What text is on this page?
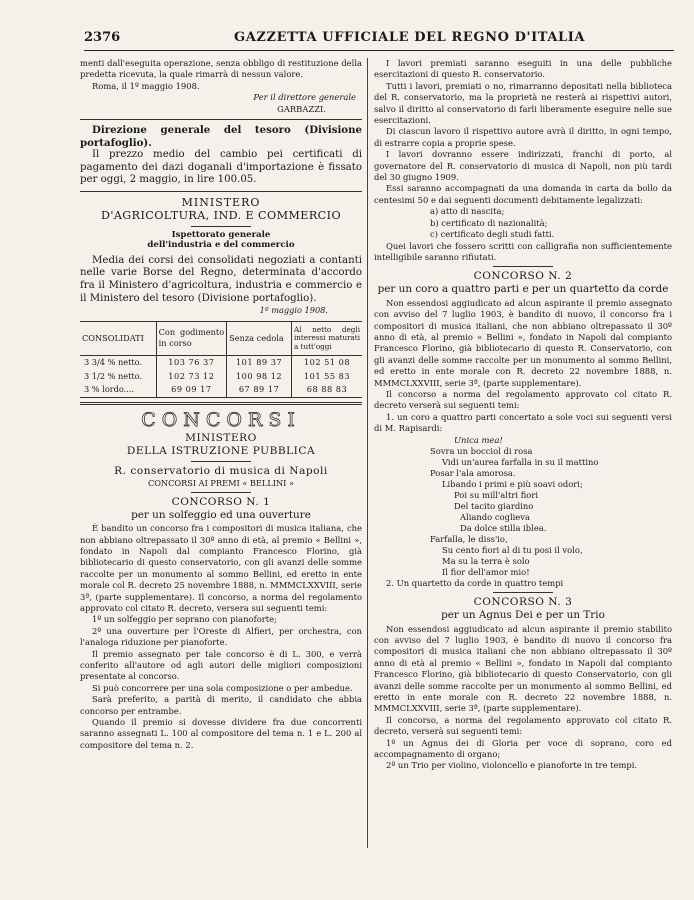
2376	GAZZETTA UFFICIALE DEL REGNO D'ITALIA

menti dall'eseguita operazione, senza obbligo di restituzione della predetta ricevuta, la quale rimarrà di nessun valore.

Roma, il 1º maggio 1908.

Per il direttore generale

GARBAZZI.

Direzione generale del tesoro (Divisione portafoglio).

Il prezzo medio del cambio pei certificati di pagamento dei dazi doganali d'importazione è fissato per oggi, 2 maggio, in lire 100.05.

MINISTERO

D'AGRICOLTURA, IND. E COMMERCIO

Ispettorato generale

dell'industria e del commercio

Media dei corsi dei consolidati negoziati a contanti nelle varie Borse del Regno, determinata d'accordo fra il Ministero d'agricoltura, industria e commercio e il Ministero del tesoro (Divisione portafoglio).

1º maggio 1908.

CONSOLIDATI	Con godimento in corso	Senza cedola	Al netto degli interessi maturati a tutt'oggi
3 3/4 % netto.	103 76 37	101 89 37	102 51 08
3 1/2 % netto.	102 73 12	100 98 12	101 55 83
3 % lordo....	69 09 17	67 89 17	68 88 83

CONCORSI

MINISTERO

DELLA ISTRUZIONE PUBBLICA

R. conservatorio di musica di Napoli

CONCORSI AI PREMI « BELLINI »

CONCORSO N. 1

per un solfeggio ed una ouverture

È bandito un concorso fra i compositori di musica italiana, che non abbiano oltrepassato il 30º anno di età, al premio « Bellini », fondato in Napoli dal compianto Francesco Florino, già bibliotecario di questo conservatorio, con gli avanzi delle somme raccolte per un monumento al sommo Bellini, ed eretto in ente morale col R. decreto 25 novembre 1888, n. MMMCLXXVIII, serie 3ª, (parte supplementare). Il concorso, a norma del regolamento approvato col citato R. decreto, versera sui seguenti temi:

1º un solfeggio per soprano con pianoforte;

2º una ouverture per l'Oreste di Alfieri, per orchestra, con l'analoga riduzione per pianoforte.

Il premio assegnato per tale concorso è di L. 300, e verrà conferito all'autore od agli autori delle migliori composizioni presentate al concorso.

Si può concorrere per una sola composizione o per ambedue.

Sarà preferito, a parità di merito, il candidato che abbia concorso per entrambe.

Quando il premio si dovesse dividere fra due concorrenti saranno assegnati L. 100 al compositore del tema n. 1 e L. 200 al compositore del tema n. 2.

I lavori premiati saranno eseguiti in una delle pubbliche esercitazioni di questo R. conservatorio.

Tutti i lavori, premiati o no, rimarranno depositati nella biblioteca del R. conservatorio, ma la proprietà ne resterà ai rispettivi autori, salvo il diritto al conservatorio di farli liberamente eseguire nelle sue esercitazioni.

Di ciascun lavoro il rispettivo autore avrà il diritto, in ogni tempo, di estrarre copia a proprie spese.

I lavori dovranno essere indirizzati, franchi di porto, al governatore del R. conservatorio di musica di Napoli, non più tardi del 30 giugno 1909.

Essi saranno accompagnati da una domanda in carta da bollo da centesimi 50 e dai seguenti documenti debitamente legalizzati:

a) atto di nascita;

b) certificato di nazionalità;

c) certificato degli studi fatti.

Quei lavori che fossero scritti con calligrafia non sufficientemente intelligibile saranno rifiutati.

CONCORSO N. 2

per un coro a quattro parti e per un quartetto da corde

Non essendosi aggiudicato ad alcun aspirante il premio assegnato con avviso del 7 luglio 1903, è bandito di nuovo, il concorso fra i compositori di musica italiani, che non abbiano oltrepassato il 30º anno di età, al premio « Bellini », fondato in Napoli dal compianto Francesco Florino, già bibliotecario di questo R. Conservatorio, con gli avanzi delle somme raccolte per un monumento al sommo Bellini, ed eretto in ente morale con R. decreto 22 novembre 1888, n. MMMCLXXVIII, serie 3ª, (parte supplementare).

Il concorso a norma del regolamento approvato col citato R. decreto verserà sui seguenti temi:

1. un coro a quattro parti concertato a sole voci sui seguenti versi di M. Rapisardi:

Unica mea!

Sovra un bocciol di rosa

Vidi un'aurea farfalla in su il mattino

Posar l'ala amorosa.

Libando i primi e più soavi odori;

Poi su mill'altri fiori

Del tacito giardino

Aliando coglieva

Da dolce stilla iblea.

Farfalla, le diss'io,

Su cento fiori al di tu posi il volo,

Ma su la terra è solo

Il fior dell'amor mio!

2. Un quartetto da corde in quattro tempi

CONCORSO N. 3

per un Agnus Dei e per un Trio

Non essendosi aggiudicato ad alcun aspirante il premio stabilito con avviso del 7 luglio 1903, è bandito di nuovo il concorso fra compositori di musica italiani che non abbiano oltrepassato il 30º anno di età al premio « Bellini », fondato in Napoli dal compianto Francesco Florino, già bibliotecario di questo Conservatorio, con gli avanzi delle somme raccolte per un monumento al sommo Bellini, ed eretto in ente morale con R. decreto 22 novembre 1888, n. MMMCLXXVIII, serie 3ª, (parte supplementare).

Il concorso, a norma del regolamento approvato col citato R. decreto, verserà sui seguenti temi:

1º un Agnus dei di Gloria per voce di soprano, coro ed accompagnamento di organo;

2º un Trio per violino, violoncello e pianoforte in tre tempi.
